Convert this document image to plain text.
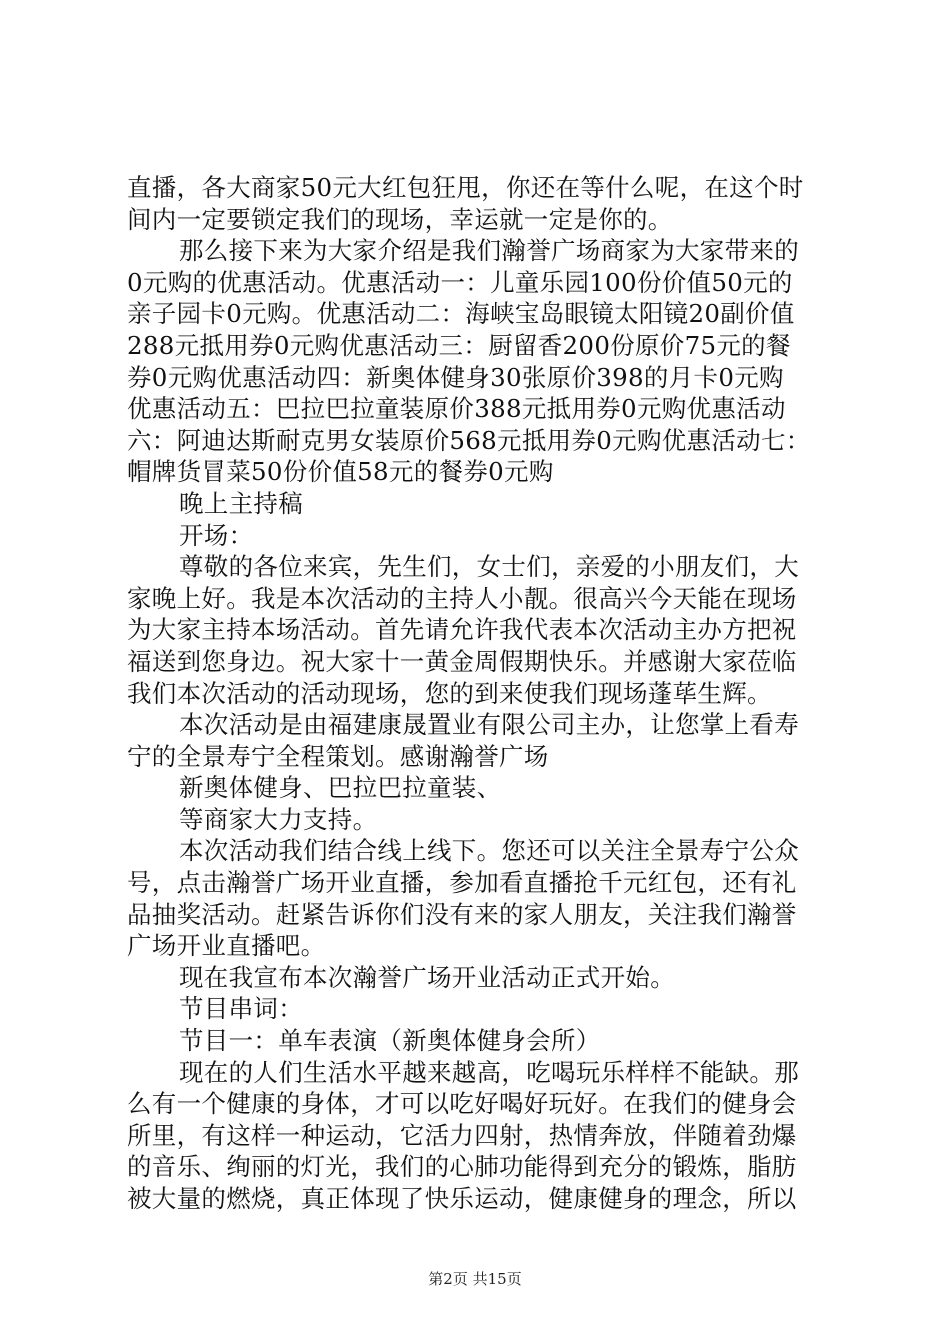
直播，各大商家50元大红包狂甩，你还在等什么呢，在这个时
间内一定要锁定我们的现场，幸运就一定是你的。
那么接下来为大家介绍是我们瀚誉广场商家为大家带来的
0元购的优惠活动。优惠活动一：儿童乐园100份价值50元的
亲子园卡0元购。优惠活动二：海峡宝岛眼镜太阳镜20副价值
288元抵用券0元购优惠活动三：厨留香200份原价75元的餐
券0元购优惠活动四：新奥体健身30张原价398的月卡0元购
优惠活动五：巴拉巴拉童装原价388元抵用券0元购优惠活动
六：阿迪达斯耐克男女装原价568元抵用券0元购优惠活动七：
帽牌货冒菜50份价值58元的餐券0元购
晚上主持稿
开场：
尊敬的各位来宾，先生们，女士们，亲爱的小朋友们，大
家晚上好。我是本次活动的主持人小靓。很高兴今天能在现场
为大家主持本场活动。首先请允许我代表本次活动主办方把祝
福送到您身边。祝大家十一黄金周假期快乐。并感谢大家莅临
我们本次活动的活动现场，您的到来使我们现场蓬荜生辉。
本次活动是由福建康晟置业有限公司主办，让您掌上看寿
宁的全景寿宁全程策划。感谢瀚誉广场
新奥体健身、巴拉巴拉童装、
等商家大力支持。
本次活动我们结合线上线下。您还可以关注全景寿宁公众
号，点击瀚誉广场开业直播，参加看直播抢千元红包，还有礼
品抽奖活动。赶紧告诉你们没有来的家人朋友，关注我们瀚誉
广场开业直播吧。
现在我宣布本次瀚誉广场开业活动正式开始。
节目串词：
节目一：单车表演（新奥体健身会所）
现在的人们生活水平越来越高，吃喝玩乐样样不能缺。那
么有一个健康的身体，才可以吃好喝好玩好。在我们的健身会
所里，有这样一种运动，它活力四射，热情奔放，伴随着劲爆
的音乐、绚丽的灯光，我们的心肺功能得到充分的锻炼，脂肪
被大量的燃烧，真正体现了快乐运动，健康健身的理念，所以
第2页 共15页
